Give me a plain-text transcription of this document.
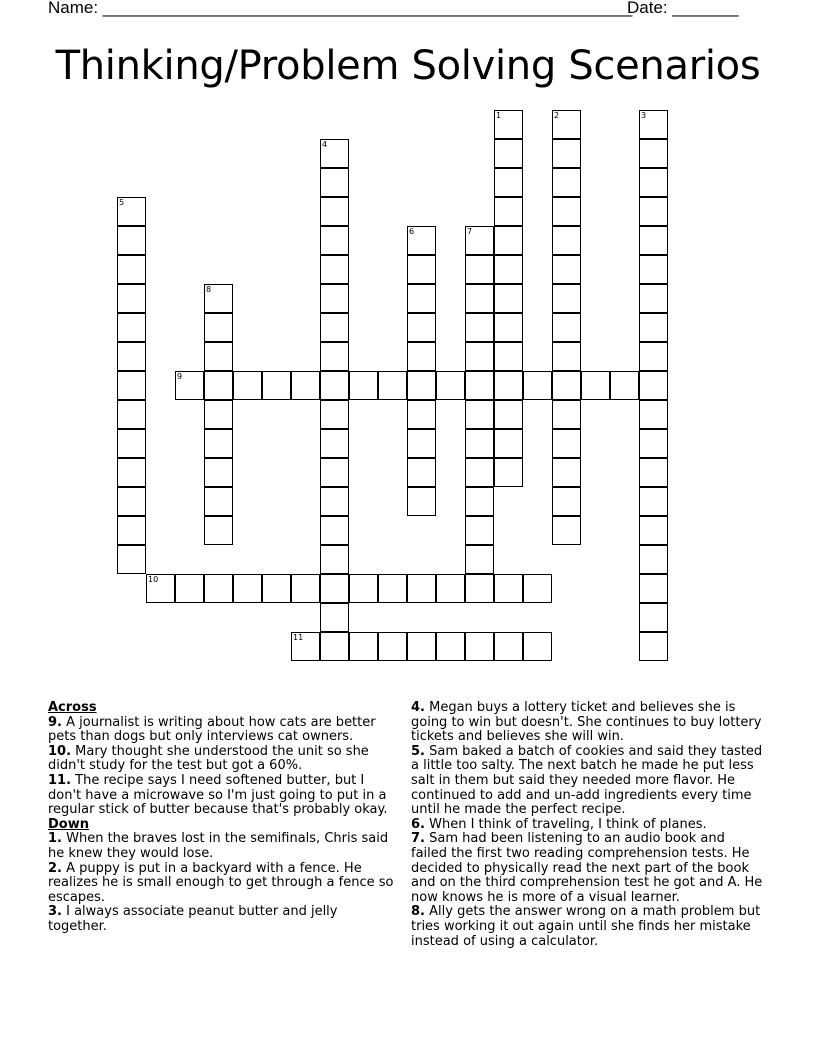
Name: ________________________________________________________
Date: _______
Thinking/Problem Solving Scenarios
1	2	3
4
5
6	7
8
9
10
11
Across

9. A journalist is writing about how cats are better pets than dogs but only interviews cat owners.

10. Mary thought she understood the unit so she didn't study for the test but got a 60%.

11. The recipe says I need softened butter, but I don't have a microwave so I'm just going to put in a regular stick of butter because that's probably okay.

Down

1. When the braves lost in the semifinals, Chris said he knew they would lose.

2. A puppy is put in a backyard with a fence. He realizes he is small enough to get through a fence so escapes.

3. I always associate peanut butter and jelly together.

4. Megan buys a lottery ticket and believes she is going to win but doesn't. She continues to buy lottery tickets and believes she will win.

5. Sam baked a batch of cookies and said they tasted a little too salty. The next batch he made he put less salt in them but said they needed more flavor. He continued to add and un-add ingredients every time until he made the perfect recipe.

6. When I think of traveling, I think of planes.

7. Sam had been listening to an audio book and failed the first two reading comprehension tests. He decided to physically read the next part of the book and on the third comprehension test he got and A. He now knows he is more of a visual learner.

8. Ally gets the answer wrong on a math problem but tries working it out again until she finds her mistake instead of using a calculator.
